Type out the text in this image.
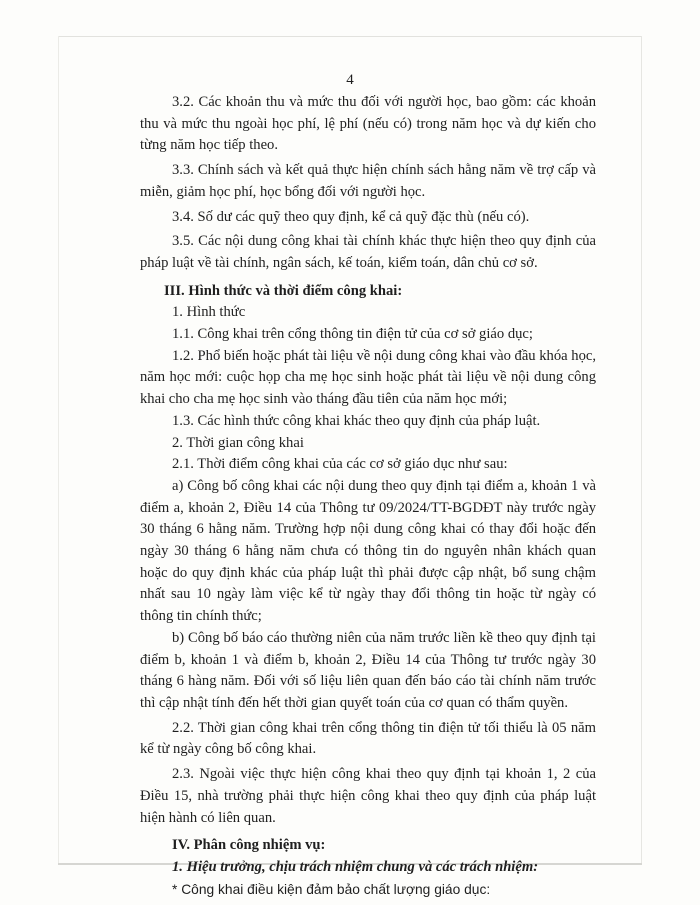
4

3.2. Các khoản thu và mức thu đối với người học, bao gồm: các khoản thu và mức thu ngoài học phí, lệ phí (nếu có) trong năm học và dự kiến cho từng năm học tiếp theo.

3.3. Chính sách và kết quả thực hiện chính sách hằng năm về trợ cấp và miễn, giảm học phí, học bổng đối với người học.

3.4. Số dư các quỹ theo quy định, kể cả quỹ đặc thù (nếu có).

3.5. Các nội dung công khai tài chính khác thực hiện theo quy định của pháp luật về tài chính, ngân sách, kế toán, kiểm toán, dân chủ cơ sở.

III. Hình thức và thời điểm công khai:

1. Hình thức

1.1. Công khai trên cổng thông tin điện tử của cơ sở giáo dục;

1.2. Phổ biến hoặc phát tài liệu về nội dung công khai vào đầu khóa học, năm học mới: cuộc họp cha mẹ học sinh hoặc phát tài liệu về nội dung công khai cho cha mẹ học sinh vào tháng đầu tiên của năm học mới;

1.3. Các hình thức công khai khác theo quy định của pháp luật.

2. Thời gian công khai

2.1. Thời điểm công khai của các cơ sở giáo dục như sau:

a) Công bố công khai các nội dung theo quy định tại điểm a, khoản 1 và điểm a, khoản 2, Điều 14 của Thông tư 09/2024/TT-BGDĐT này trước ngày 30 tháng 6 hằng năm. Trường hợp nội dung công khai có thay đổi hoặc đến ngày 30 tháng 6 hằng năm chưa có thông tin do nguyên nhân khách quan hoặc do quy định khác của pháp luật thì phải được cập nhật, bổ sung chậm nhất sau 10 ngày làm việc kể từ ngày thay đổi thông tin hoặc từ ngày có thông tin chính thức;

b) Công bố báo cáo thường niên của năm trước liền kề theo quy định tại điểm b, khoản 1 và điểm b, khoản 2, Điều 14 của Thông tư trước ngày 30 tháng 6 hàng năm. Đối với số liệu liên quan đến báo cáo tài chính năm trước thì cập nhật tính đến hết thời gian quyết toán của cơ quan có thẩm quyền.

2.2. Thời gian công khai trên cổng thông tin điện tử tối thiểu là 05 năm kể từ ngày công bố công khai.

2.3. Ngoài việc thực hiện công khai theo quy định tại khoản 1, 2 của Điều 15, nhà trường phải thực hiện công khai theo quy định của pháp luật hiện hành có liên quan.

IV. Phân công nhiệm vụ:

1. Hiệu trưởng, chịu trách nhiệm chung và các trách nhiệm:

* Công khai điều kiện đảm bảo chất lượng giáo dục:
